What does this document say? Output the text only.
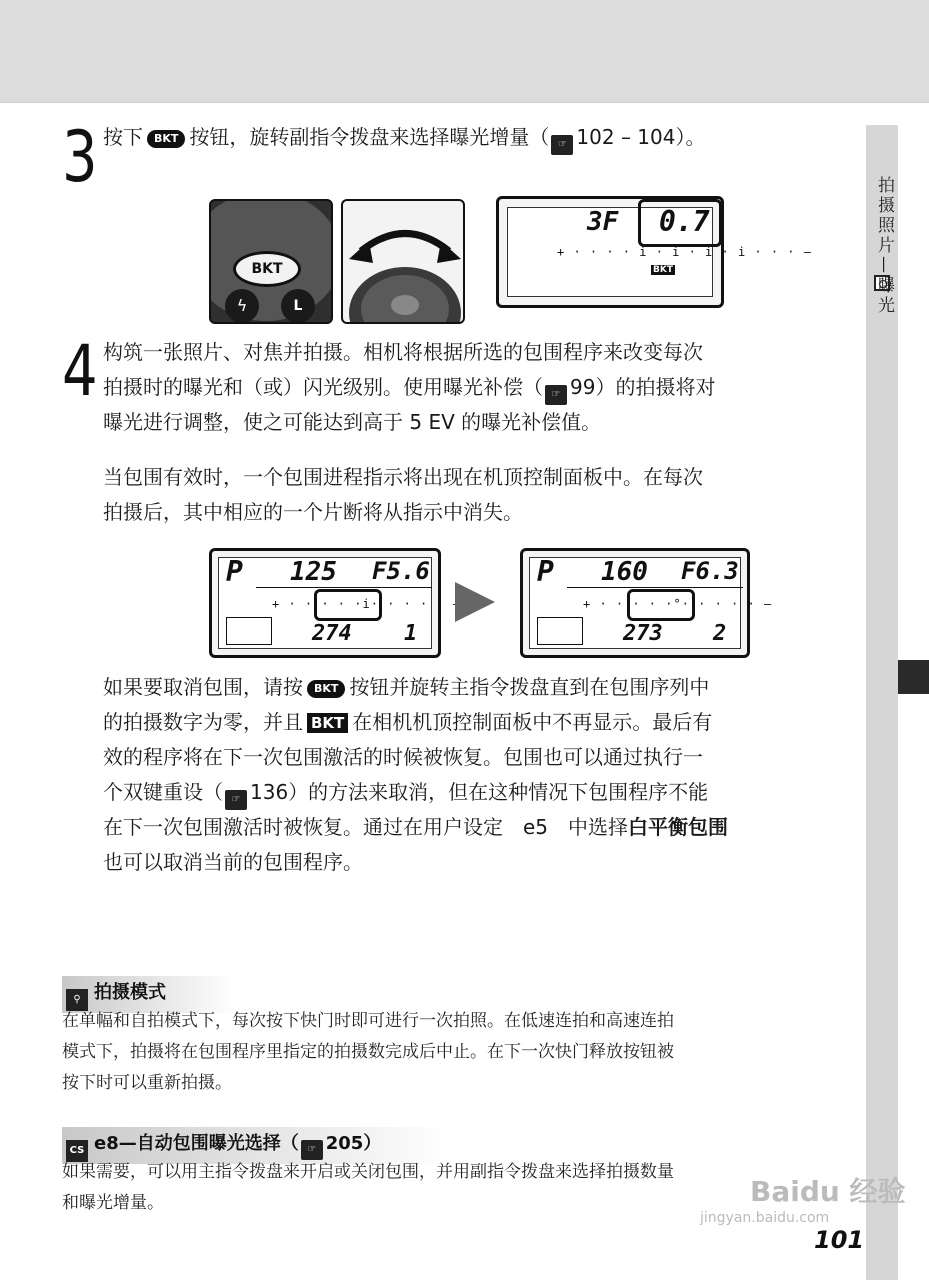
拍摄照片—曝光
3 按下 BKT 按钮，旋转副指令拨盘来选择曝光增量（ ☞ 102 – 104）。
BKT
ϟ	L
3F 0.7
+ · · · · i · i · i · i · · · –
BKT
4 构筑一张照片、对焦并拍摄。相机将根据所选的包围程序来改变每次
拍摄时的曝光和（或）闪光级别。使用曝光补偿（ ☞ 99）的拍摄将对
曝光进行调整，使之可能达到高于 5 EV 的曝光补偿值。
当包围有效时，一个包围进程指示将出现在机顶控制面板中。在每次
拍摄后，其中相应的一个片断将从指示中消失。
P 125 F5.6
+ · · · · ·i· · · · · –
274 1
P 160 F6.3
+ · · · · ·°· · · · · –
273 2
如果要取消包围，请按 BKT 按钮并旋转主指令拨盘直到在包围序列中
的拍摄数字为零，并且 BKT 在相机机顶控制面板中不再显示。最后有
效的程序将在下一次包围激活的时候被恢复。包围也可以通过执行一
个双键重设（ ☞ 136）的方法来取消，但在这种情况下包围程序不能
在下一次包围激活时被恢复。通过在用户设定　e5　中选择白平衡包围
也可以取消当前的包围程序。
⚲ 拍摄模式
在单幅和自拍模式下，每次按下快门时即可进行一次拍照。在低速连拍和高速连拍
模式下，拍摄将在包围程序里指定的拍摄数完成后中止。在下一次快门释放按钮被
按下时可以重新拍摄。
CS e8—自动包围曝光选择（ ☞ 205）
如果需要，可以用主指令拨盘来开启或关闭包围，并用副指令拨盘来选择拍摄数量
和曝光增量。	Baidu 经验
jingyan.baidu.com
101
